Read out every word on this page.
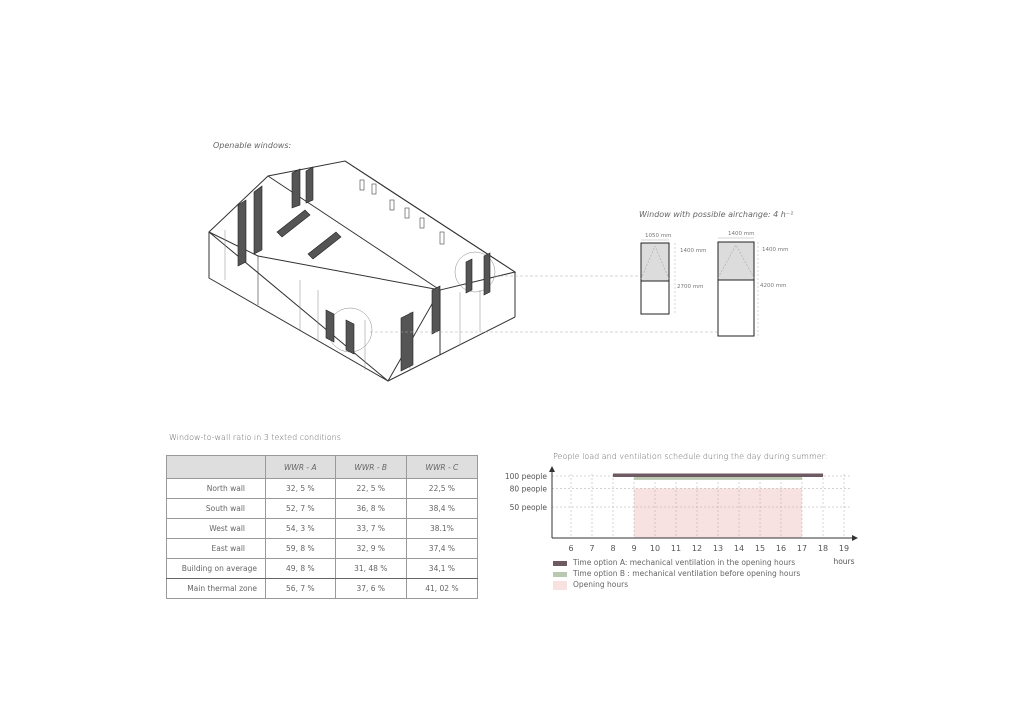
Openable windows:
Window with possible airchange: 4 h⁻¹
1050 mm
1400 mm
2700 mm
1400 mm
1400 mm
4200 mm
Window-to-wall ratio in 3 texted conditions
	WWR - A	WWR - B	WWR - C
North wall	32, 5 %	22, 5 %	22,5 %
South wall	52, 7 %	36, 8 %	38,4 %
West wall	54, 3 %	33, 7 %	38.1%
East wall	59, 8 %	32, 9 %	37,4 %
Building on average	49, 8 %	31, 48 %	34,1 %
Main thermal zone	56, 7 %	37, 6 %	41, 02 %
People load and ventilation schedule during the day during summer:
6 7 8 9 10 11 12 13 14 15 16 17 18 19
100 people
80 people
50 people
hours
Time option A: mechanical ventilation in the opening hours
Time option B : mechanical ventilation before opening hours
Opening hours
